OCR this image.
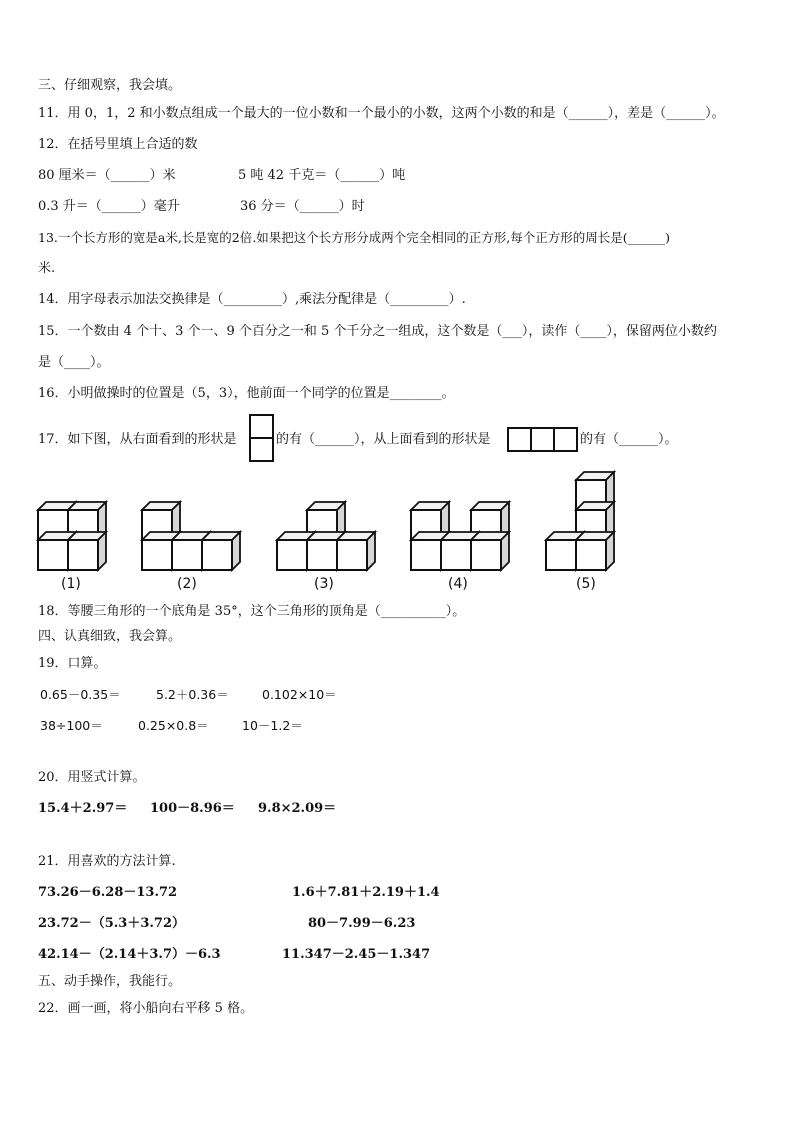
三、仔细观察，我会填。
11．用 0，1，2 和小数点组成一个最大的一位小数和一个最小的小数，这两个小数的和是（______），差是（______）。
12．在括号里填上合适的数
80 厘米＝（______）米	5 吨 42 千克＝（______）吨
0.3 升＝（______）毫升	36 分＝（______）时
13.一个长方形的宽是a米,长是宽的2倍.如果把这个长方形分成两个完全相同的正方形,每个正方形的周长是(______)
米.
14．用字母表示加法交换律是（_________）,乘法分配律是（_________）.
15．一个数由 4 个十、3 个一、9 个百分之一和 5 个千分之一组成，这个数是（___），读作（____），保留两位小数约
是（____）。
16．小明做操时的位置是（5，3），他前面一个同学的位置是________。
17．如下图，从右面看到的形状是	的有（______），从上面看到的形状是	的有（______）。
(1)	(2)	(3)	(4)	(5)
18．等腰三角形的一个底角是 35°，这个三角形的顶角是（__________）。
四、认真细致，我会算。
19．口算。
0.65－0.35＝	5.2＋0.36＝	0.102×10＝
38÷100＝	0.25×0.8＝	10－1.2＝
20．用竖式计算。
15.4＋2.97＝ 100－8.96＝ 9.8×2.09＝
21．用喜欢的方法计算.
73.26－6.28－13.72	1.6＋7.81＋2.19＋1.4
23.72－（5.3＋3.72）	80－7.99－6.23
42.14－（2.14＋3.7）－6.3	11.347－2.45－1.347
五、动手操作，我能行。
22．画一画，将小船向右平移 5 格。
